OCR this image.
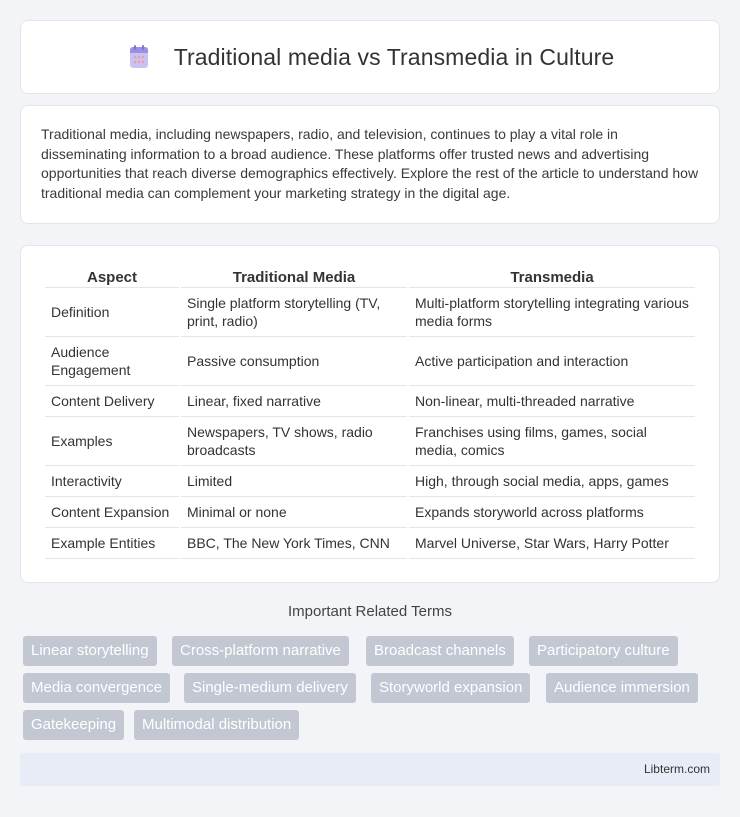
Traditional media vs Transmedia in Culture

Traditional media, including newspapers, radio, and television, continues to play a vital role in disseminating information to a broad audience. These platforms offer trusted news and advertising opportunities that reach diverse demographics effectively. Explore the rest of the article to understand how traditional media can complement your marketing strategy in the digital age.

Aspect	Traditional Media	Transmedia
Definition	Single platform storytelling (TV, print, radio)	Multi-platform storytelling integrating various media forms
Audience Engagement	Passive consumption	Active participation and interaction
Content Delivery	Linear, fixed narrative	Non-linear, multi-threaded narrative
Examples	Newspapers, TV shows, radio broadcasts	Franchises using films, games, social media, comics
Interactivity	Limited	High, through social media, apps, games
Content Expansion	Minimal or none	Expands storyworld across platforms
Example Entities	BBC, The New York Times, CNN	Marvel Universe, Star Wars, Harry Potter
Important Related Terms
Linear storytelling	Cross-platform narrative	Broadcast channels	Participatory culture
Media convergence	Single-medium delivery	Storyworld expansion	Audience immersion
Gatekeeping	Multimodal distribution
Libterm.com
